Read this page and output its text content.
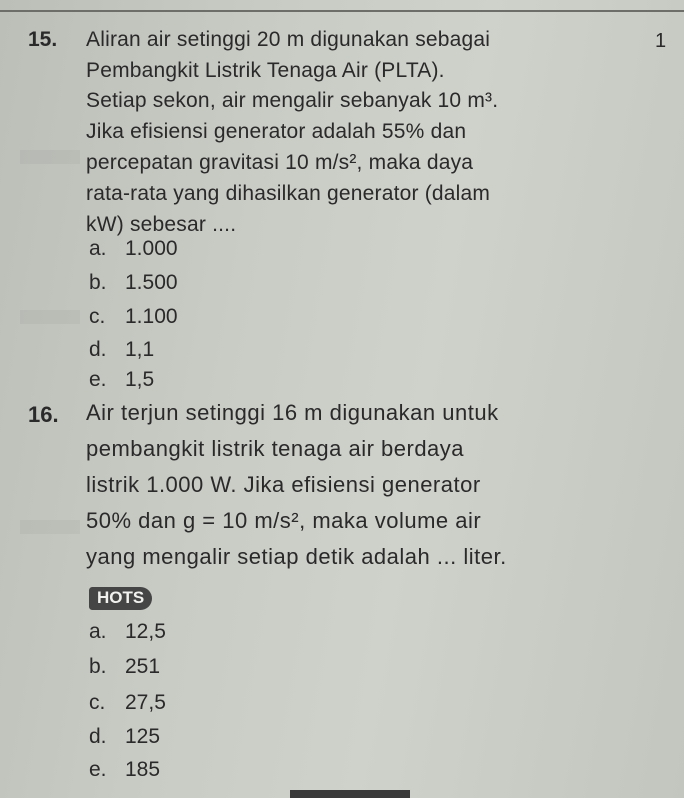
1
15. Aliran air setinggi 20 m digunakan sebagai
Pembangkit Listrik Tenaga Air (PLTA).
Setiap sekon, air mengalir sebanyak 10 m³.
Jika efisiensi generator adalah 55% dan
percepatan gravitasi 10 m/s², maka daya
rata-rata yang dihasilkan generator (dalam
kW) sebesar ....
a. 1.000
b. 1.500
c. 1.100
d. 1,1
e. 1,5
16. Air terjun setinggi 16 m digunakan untuk
pembangkit listrik tenaga air berdaya
listrik 1.000 W. Jika efisiensi generator
50% dan g = 10 m/s², maka volume air
yang mengalir setiap detik adalah ... liter.
HOTS
a. 12,5
b. 251
c. 27,5
d. 125
e. 185
